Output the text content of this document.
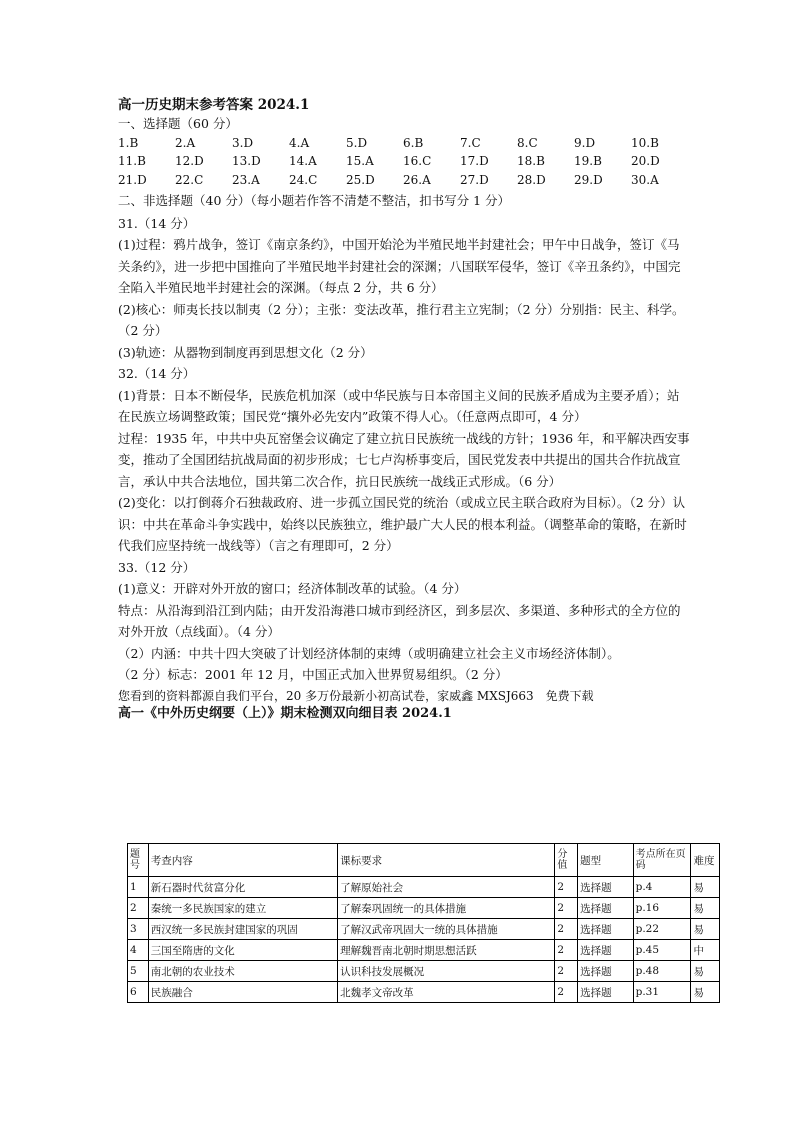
高一历史期末参考答案 2024.1

一、选择题（60 分）

1.B	2.A	3.D	4.A	5.D	6.B	7.C	8.C	9.D	10.B

11.B 12.D 13.D 14.A 15.A 16.C 17.D 18.B 19.B 20.D

21.D 22.C 23.A 24.C 25.D 26.A 27.D 28.D 29.D 30.A

二、非选择题（40 分）（每小题若作答不清楚不整洁，扣书写分 1 分）

31.（14 分）

(1)过程：鸦片战争，签订《南京条约》，中国开始沦为半殖民地半封建社会；甲午中日战争，签订《马关条约》，进一步把中国推向了半殖民地半封建社会的深渊；八国联军侵华，签订《辛丑条约》，中国完全陷入半殖民地半封建社会的深渊。（每点 2 分，共 6 分）

(2)核心：师夷长技以制夷（2 分）；主张：变法改革，推行君主立宪制；（2 分）分别指：民主、科学。（2 分）

(3)轨迹：从器物到制度再到思想文化（2 分）

32.（14 分）

(1)背景：日本不断侵华，民族危机加深（或中华民族与日本帝国主义间的民族矛盾成为主要矛盾）；站在民族立场调整政策；国民党“攘外必先安内”政策不得人心。（任意两点即可，4 分）

过程：1935 年，中共中央瓦窑堡会议确定了建立抗日民族统一战线的方针；1936 年，和平解决西安事变，推动了全国团结抗战局面的初步形成；七七卢沟桥事变后，国民党发表中共提出的国共合作抗战宣言，承认中共合法地位，国共第二次合作，抗日民族统一战线正式形成。（6 分）

(2)变化：以打倒蒋介石独裁政府、进一步孤立国民党的统治（或成立民主联合政府为目标）。（2 分）认识：中共在革命斗争实践中，始终以民族独立，维护最广大人民的根本利益。（调整革命的策略，在新时代我们应坚持统一战线等）（言之有理即可，2 分）

33.（12 分）

(1)意义：开辟对外开放的窗口；经济体制改革的试验。（4 分）

特点：从沿海到沿江到内陆；由开发沿海港口城市到经济区，到多层次、多渠道、多种形式的全方位的对外开放（点线面）。（4 分）

（2）内涵：中共十四大突破了计划经济体制的束缚（或明确建立社会主义市场经济体制）。

（2 分）标志：2001 年 12 月，中国正式加入世界贸易组织。（2 分）

您看到的资料都源自我们平台，20 多万份最新小初高试卷，家威鑫 MXSJ663　免费下载

高一《中外历史纲要（上）》期末检测双向细目表 2024.1

题号	考查内容	课标要求	分值	题型	考点所在页码	难度
1	新石器时代贫富分化	了解原始社会	2	选择题	p.4	易
2	秦统一多民族国家的建立	了解秦巩固统一的具体措施	2	选择题	p.16	易
3	西汉统一多民族封建国家的巩固	了解汉武帝巩固大一统的具体措施	2	选择题	p.22	易
4	三国至隋唐的文化	理解魏晋南北朝时期思想活跃	2	选择题	p.45	中
5	南北朝的农业技术	认识科技发展概况	2	选择题	p.48	易
6	民族融合	北魏孝文帝改革	2	选择题	p.31	易
